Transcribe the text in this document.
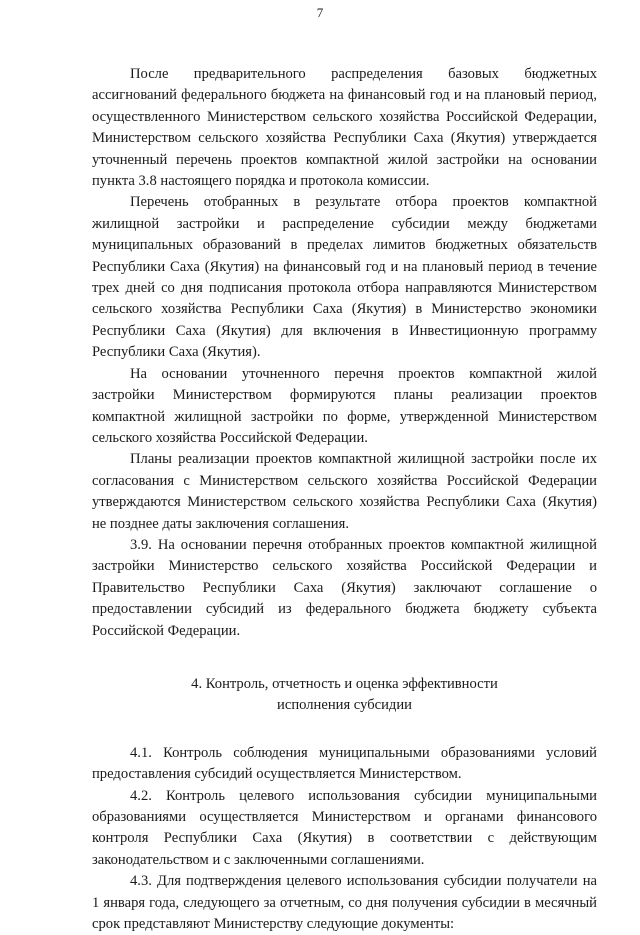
7

После предварительного распределения базовых бюджетных ассигнований федерального бюджета на финансовый год и на плановый период, осуществленного Министерством сельского хозяйства Российской Федерации, Министерством сельского хозяйства Республики Саха (Якутия) утверждается уточненный перечень проектов компактной жилой застройки на основании пункта 3.8 настоящего порядка и протокола комиссии.

Перечень отобранных в результате отбора проектов компактной жилищной застройки и распределение субсидии между бюджетами муниципальных образований в пределах лимитов бюджетных обязательств Республики Саха (Якутия) на финансовый год и на плановый период в течение трех дней со дня подписания протокола отбора направляются Министерством сельского хозяйства Республики Саха (Якутия) в Министерство экономики Республики Саха (Якутия) для включения в Инвестиционную программу Республики Саха (Якутия).

На основании уточненного перечня проектов компактной жилой застройки Министерством формируются планы реализации проектов компактной жилищной застройки по форме, утвержденной Министерством сельского хозяйства Российской Федерации.

Планы реализации проектов компактной жилищной застройки после их согласования с Министерством сельского хозяйства Российской Федерации утверждаются Министерством сельского хозяйства Республики Саха (Якутия) не позднее даты заключения соглашения.

3.9. На основании перечня отобранных проектов компактной жилищной застройки Министерство сельского хозяйства Российской Федерации и Правительство Республики Саха (Якутия) заключают соглашение о предоставлении субсидий из федерального бюджета бюджету субъекта Российской Федерации.

4. Контроль, отчетность и оценка эффективности
исполнения субсидии

4.1. Контроль соблюдения муниципальными образованиями условий предоставления субсидий осуществляется Министерством.

4.2. Контроль целевого использования субсидии муниципальными образованиями осуществляется Министерством и органами финансового контроля Республики Саха (Якутия) в соответствии с действующим законодательством и с заключенными соглашениями.

4.3. Для подтверждения целевого использования субсидии получатели на 1 января года, следующего за отчетным, со дня получения субсидии в месячный срок представляют Министерству следующие документы:
